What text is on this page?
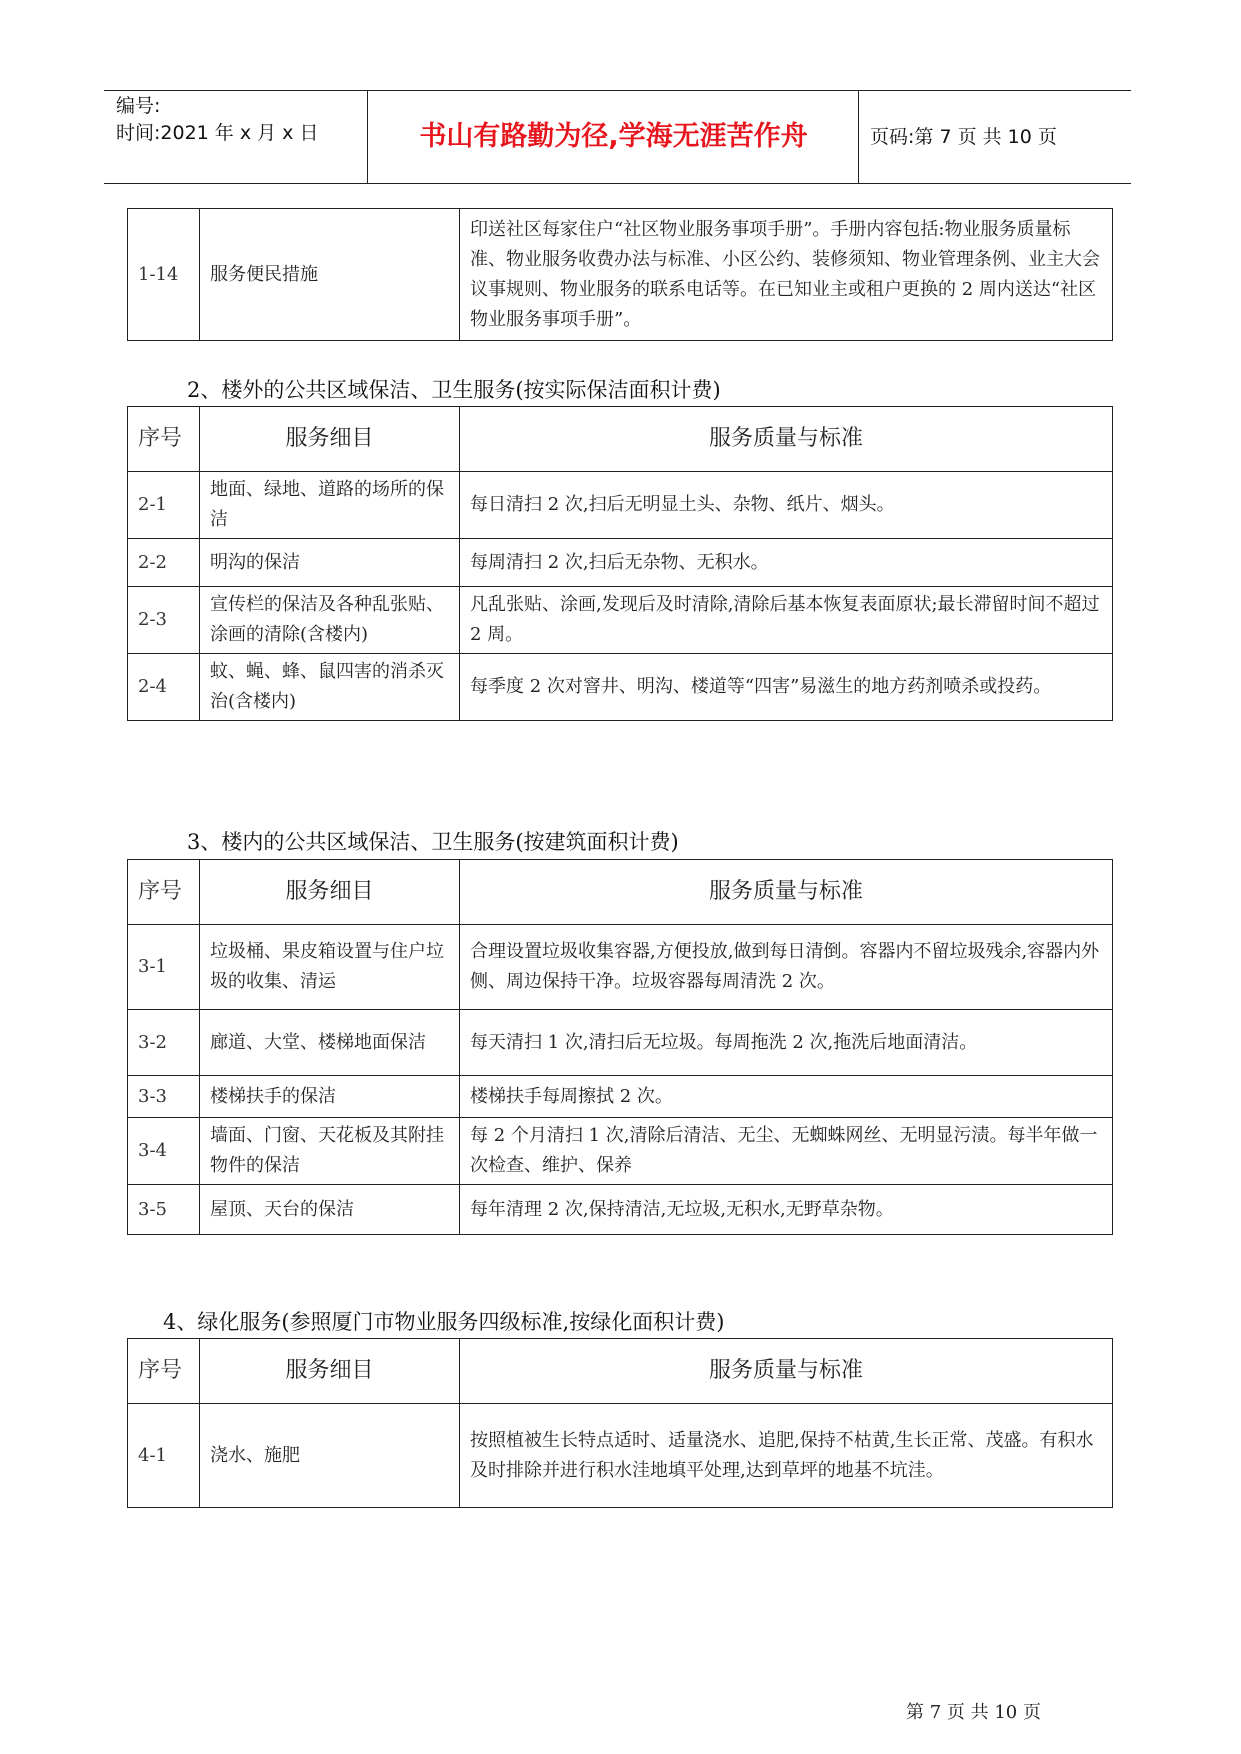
编号:
时间:2021 年 x 月 x 日	书山有路勤为径,学海无涯苦作舟	页码:第 7 页 共 10 页
1-14	服务便民措施	印送社区每家住户“社区物业服务事项手册”。手册内容包括:物业服务质量标准、物业服务收费办法与标准、小区公约、装修须知、物业管理条例、业主大会议事规则、物业服务的联系电话等。在已知业主或租户更换的 2 周内送达“社区物业服务事项手册”。
2、楼外的公共区域保洁、卫生服务(按实际保洁面积计费)
序号	服务细目	服务质量与标准
2-1	地面、绿地、道路的场所的保洁	每日清扫 2 次,扫后无明显土头、杂物、纸片、烟头。
2-2	明沟的保洁	每周清扫 2 次,扫后无杂物、无积水。
2-3	宣传栏的保洁及各种乱张贴、涂画的清除(含楼内)	凡乱张贴、涂画,发现后及时清除,清除后基本恢复表面原状;最长滞留时间不超过 2 周。
2-4	蚊、蝇、蜂、鼠四害的消杀灭治(含楼内)	每季度 2 次对窨井、明沟、楼道等“四害”易滋生的地方药剂喷杀或投药。
3、楼内的公共区域保洁、卫生服务(按建筑面积计费)
序号	服务细目	服务质量与标准
3-1	垃圾桶、果皮箱设置与住户垃圾的收集、清运	合理设置垃圾收集容器,方便投放,做到每日清倒。容器内不留垃圾残余,容器内外侧、周边保持干净。垃圾容器每周清洗 2 次。
3-2	廊道、大堂、楼梯地面保洁	每天清扫 1 次,清扫后无垃圾。每周拖洗 2 次,拖洗后地面清洁。
3-3	楼梯扶手的保洁	楼梯扶手每周擦拭 2 次。
3-4	墙面、门窗、天花板及其附挂物件的保洁	每 2 个月清扫 1 次,清除后清洁、无尘、无蜘蛛网丝、无明显污渍。每半年做一次检查、维护、保养
3-5	屋顶、天台的保洁	每年清理 2 次,保持清洁,无垃圾,无积水,无野草杂物。
4、绿化服务(参照厦门市物业服务四级标准,按绿化面积计费)
序号	服务细目	服务质量与标准
4-1	浇水、施肥	按照植被生长特点适时、适量浇水、追肥,保持不枯黄,生长正常、茂盛。有积水及时排除并进行积水洼地填平处理,达到草坪的地基不坑洼。
第 7 页 共 10 页
